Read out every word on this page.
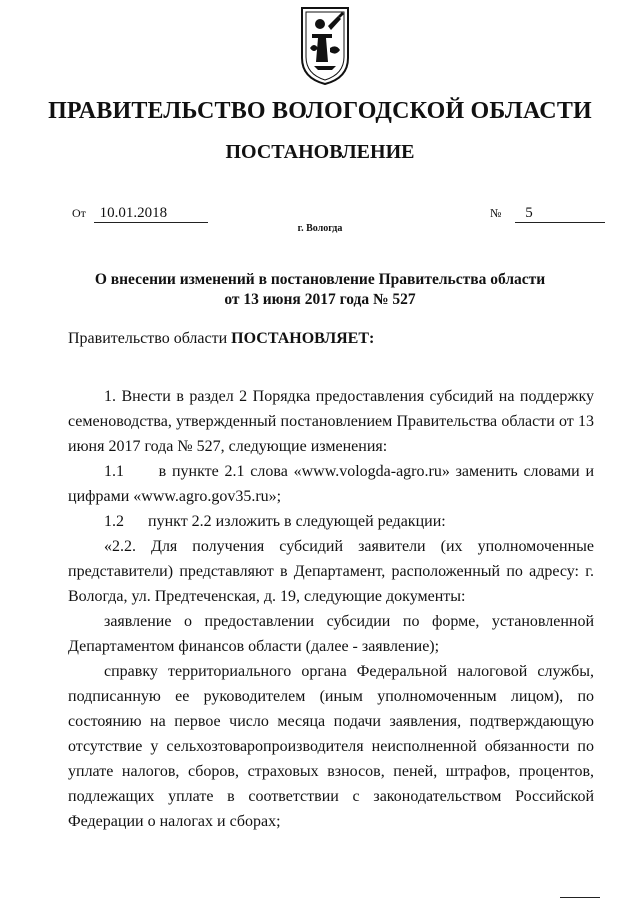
ПРАВИТЕЛЬСТВО ВОЛОГОДСКОЙ ОБЛАСТИ
ПОСТАНОВЛЕНИЕ
От 10.01.2018	№ 5
г. Вологда
О внесении изменений в постановление Правительства области
от 13 июня 2017 года № 527
Правительство области ПОСТАНОВЛЯЕТ:

1. Внести в раздел 2 Порядка предоставления субсидий на поддержку семеноводства, утвержденный постановлением Правительства области от 13 июня 2017 года № 527, следующие изменения:

1.1      в пункте 2.1 слова «www.vologda-agro.ru» заменить словами и цифрами «www.agro.gov35.ru»;

1.2      пункт 2.2 изложить в следующей редакции:

«2.2. Для получения субсидий заявители (их уполномоченные представители) представляют в Департамент, расположенный по адресу: г. Вологда, ул. Предтеченская, д. 19, следующие документы:

заявление о предоставлении субсидии по форме, установленной Департаментом финансов области (далее - заявление);

справку территориального органа Федеральной налоговой службы, подписанную ее руководителем (иным уполномоченным лицом), по состоянию на первое число месяца подачи заявления, подтверждающую отсутствие у сельхозтоваропроизводителя неисполненной обязанности по уплате налогов, сборов, страховых взносов, пеней, штрафов, процентов, подлежащих уплате в соответствии с законодательством Российской Федерации о налогах и сборах;
